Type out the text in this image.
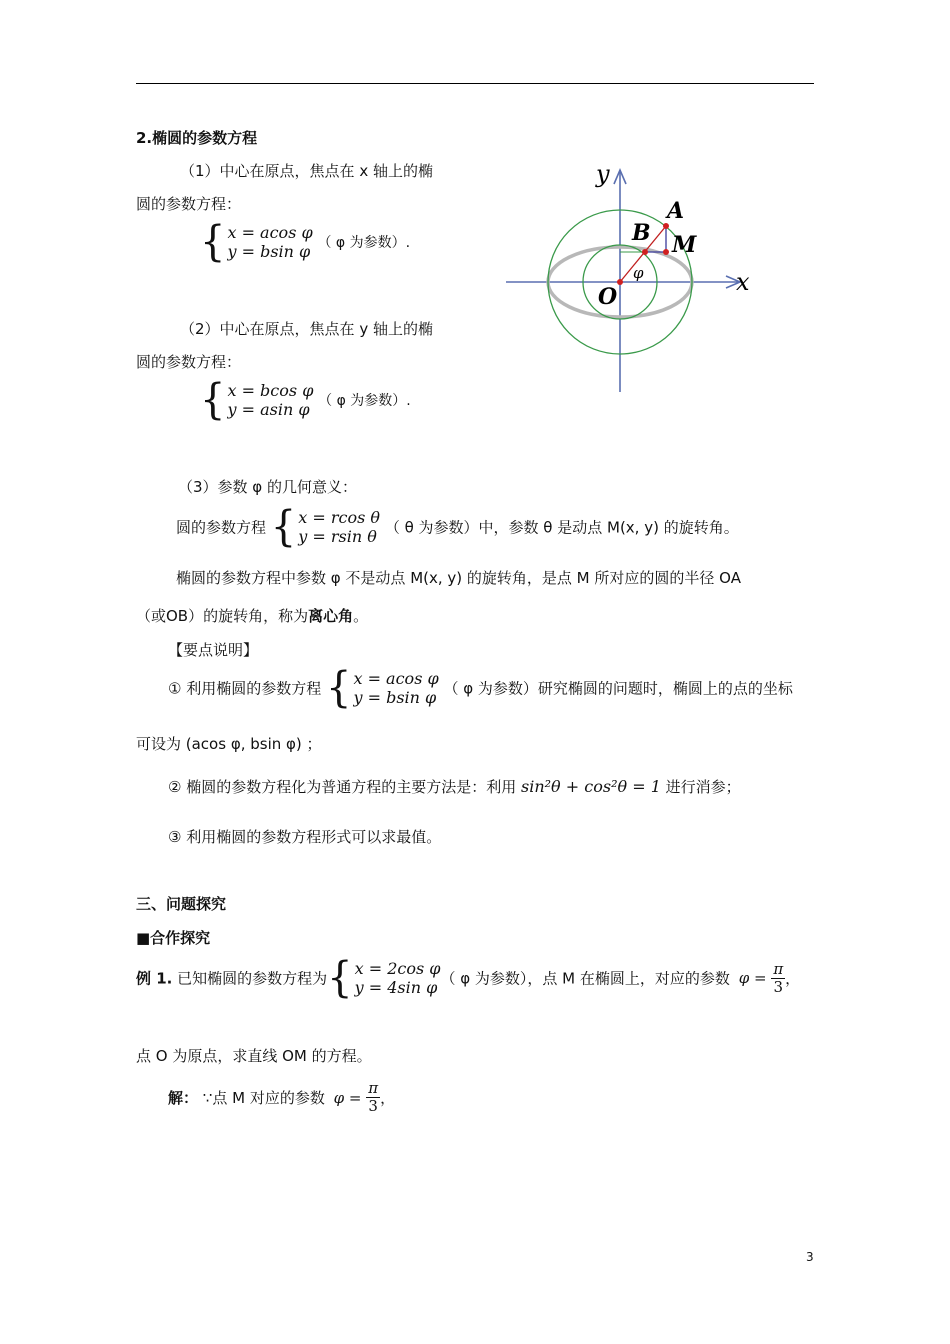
2.椭圆的参数方程
（1）中心在原点，焦点在 x 轴上的椭
圆的参数方程：
{ x = acos φ
y = bsin φ （ φ 为参数）.
（2）中心在原点，焦点在 y 轴上的椭
圆的参数方程：
{ x = bcos φ
y = asin φ （ φ 为参数）.
y
x
A
B M
O
φ
（3）参数 φ 的几何意义：
圆的参数方程 { x = rcos θ
y = rsin θ （ θ 为参数）中，参数 θ 是动点 M(x, y) 的旋转角。
椭圆的参数方程中参数 φ 不是动点 M(x, y) 的旋转角，是点 M 所对应的圆的半径 OA
（或OB）的旋转角，称为离心角。
【要点说明】
① 利用椭圆的参数方程 { x = acos φ
y = bsin φ （ φ 为参数）研究椭圆的问题时，椭圆上的点的坐标
可设为 (acos φ, bsin φ) ；
② 椭圆的参数方程化为普通方程的主要方法是：利用 sin²θ + cos²θ = 1 进行消参；
③ 利用椭圆的参数方程形式可以求最值。
三、问题探究
■合作探究
例 1. 已知椭圆的参数方程为 { x = 2cos φ
y = 4sin φ （ φ 为参数），点 M 在椭圆上，对应的参数 $\varphi = \frac{\pi}{3}$ ，
点 O 为原点，求直线 OM 的方程。
解： ∵点 M 对应的参数 $\varphi = \frac{\pi}{3}$ ，
3
